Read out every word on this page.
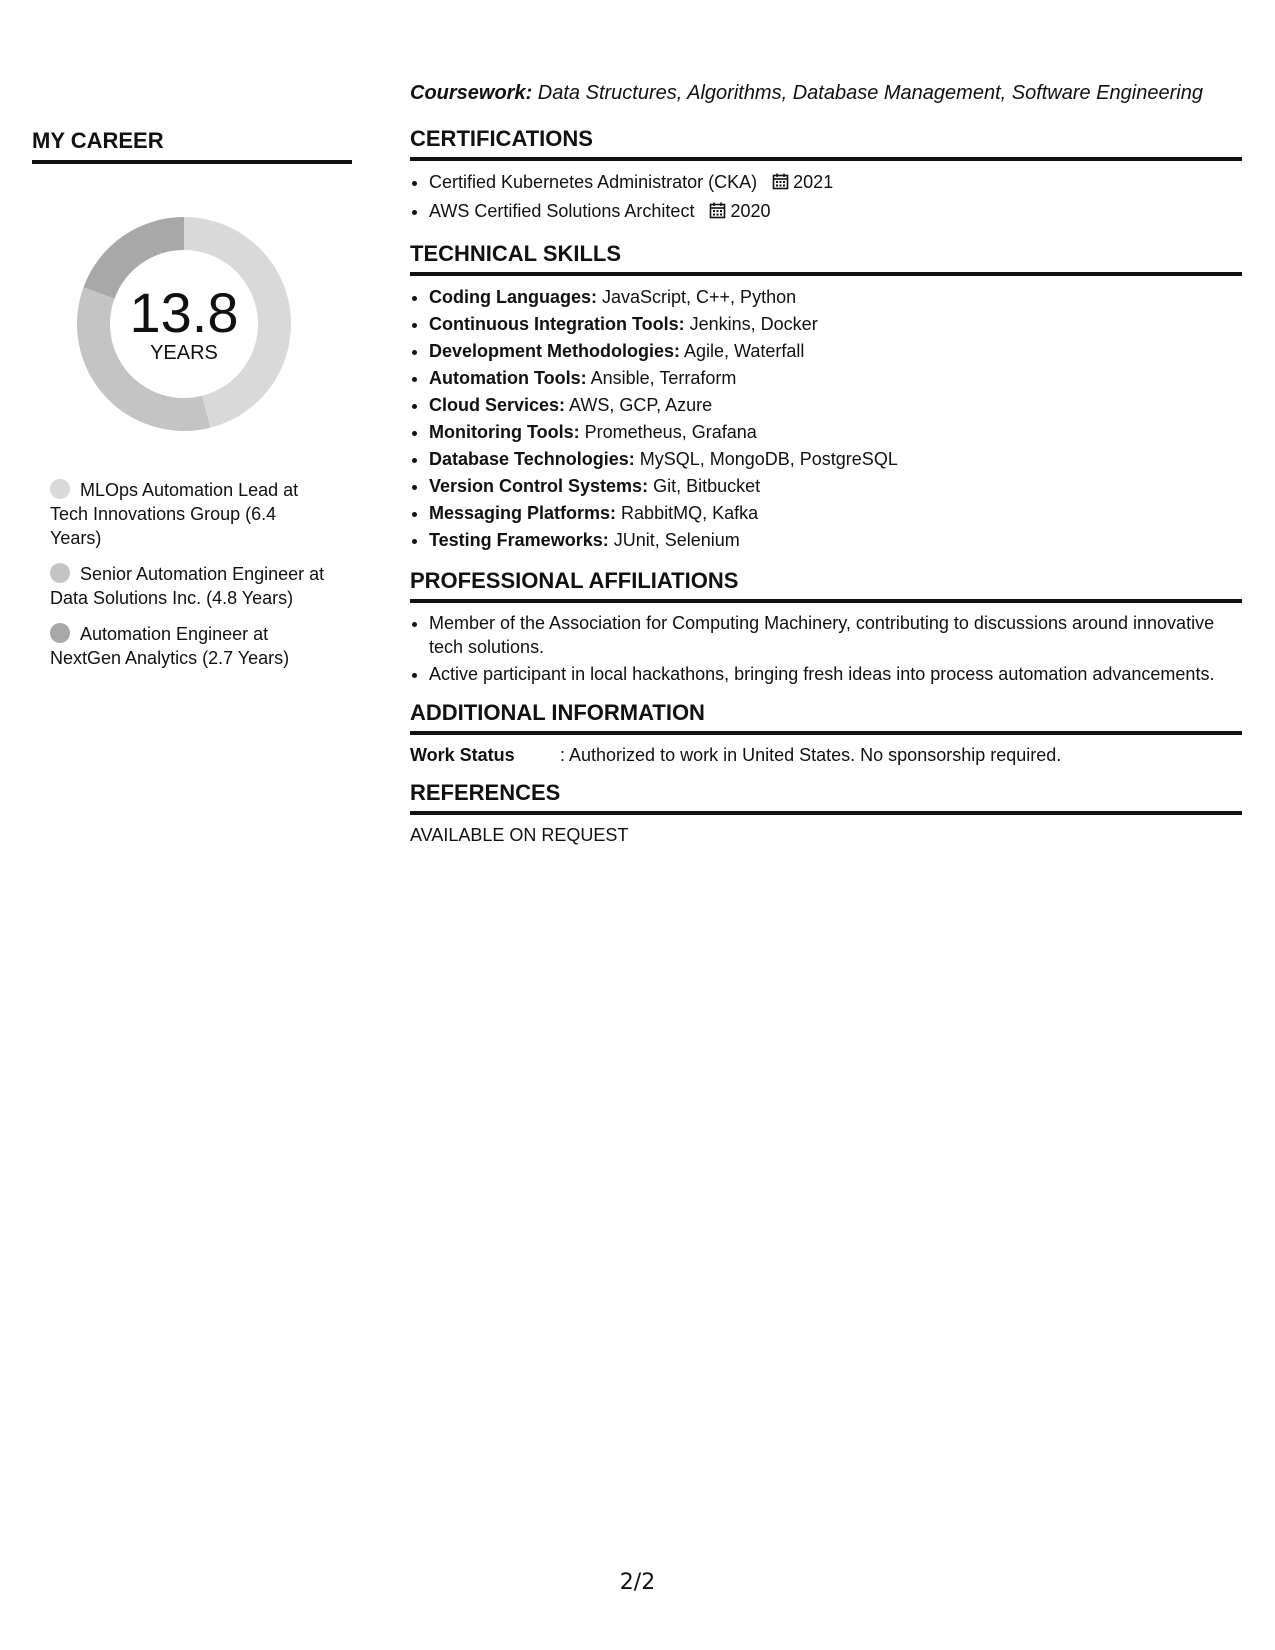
Coursework: Data Structures, Algorithms, Database Management, Software Engineering
MY CAREER
13.8
YEARS
MLOps Automation Lead at Tech Innovations Group (6.4 Years)
Senior Automation Engineer at Data Solutions Inc. (4.8 Years)
Automation Engineer at NextGen Analytics (2.7 Years)
CERTIFICATIONS
• Certified Kubernetes Administrator (CKA) 2021
• AWS Certified Solutions Architect 2020
TECHNICAL SKILLS
• Coding Languages: JavaScript, C++, Python
• Continuous Integration Tools: Jenkins, Docker
• Development Methodologies: Agile, Waterfall
• Automation Tools: Ansible, Terraform
• Cloud Services: AWS, GCP, Azure
• Monitoring Tools: Prometheus, Grafana
• Database Technologies: MySQL, MongoDB, PostgreSQL
• Version Control Systems: Git, Bitbucket
• Messaging Platforms: RabbitMQ, Kafka
• Testing Frameworks: JUnit, Selenium
PROFESSIONAL AFFILIATIONS
• Member of the Association for Computing Machinery, contributing to discussions around innovative tech solutions.
• Active participant in local hackathons, bringing fresh ideas into process automation advancements.
ADDITIONAL INFORMATION
Work Status	: Authorized to work in United States. No sponsorship required.
REFERENCES
AVAILABLE ON REQUEST
2/2
